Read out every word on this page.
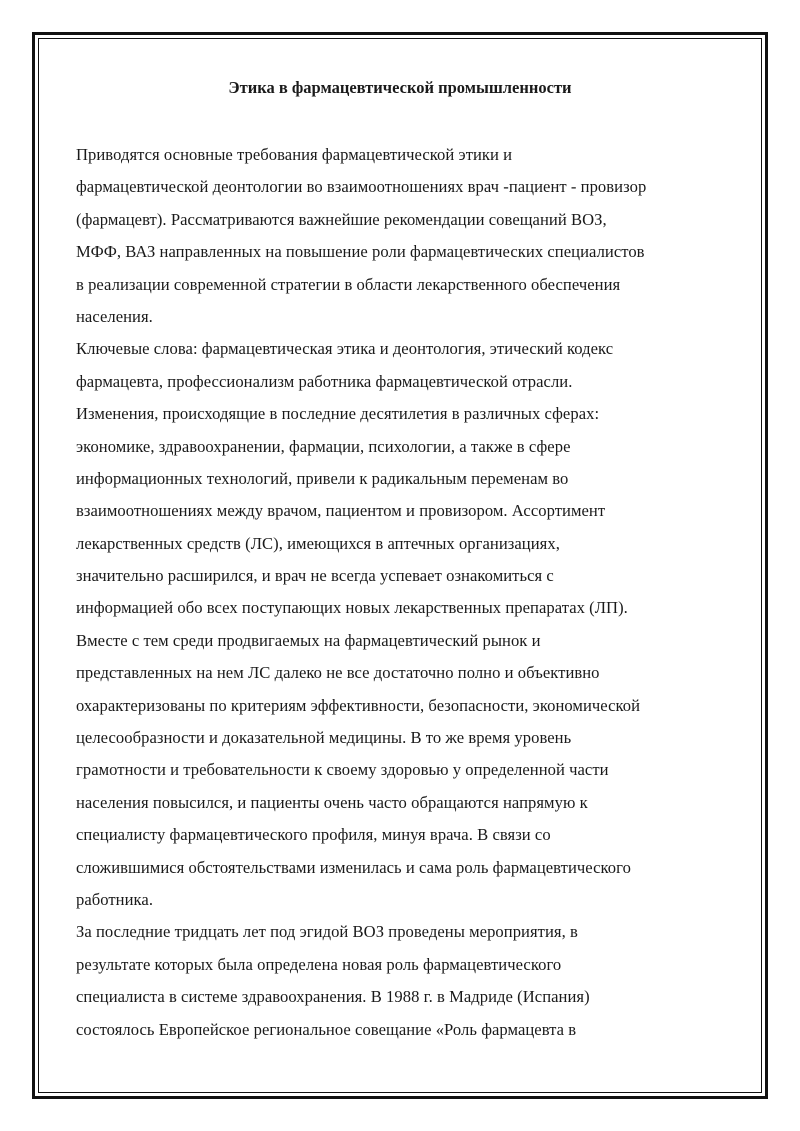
Этика в фармацевтической промышленности
Приводятся основные требования фармацевтической этики и
фармацевтической деонтологии во взаимоотношениях врач -пациент - провизор
(фармацевт). Рассматриваются важнейшие рекомендации совещаний ВОЗ,
МФФ, ВАЗ направленных на повышение роли фармацевтических специалистов
в реализации современной стратегии в области лекарственного обеспечения
населения.
Ключевые слова: фармацевтическая этика и деонтология, этический кодекс
фармацевта, профессионализм работника фармацевтической отрасли.
Изменения, происходящие в последние десятилетия в различных сферах:
экономике, здравоохранении, фармации, психологии, а также в сфере
информационных технологий, привели к радикальным переменам во
взаимоотношениях между врачом, пациентом и провизором. Ассортимент
лекарственных средств (ЛС), имеющихся в аптечных организациях,
значительно расширился, и врач не всегда успевает ознакомиться с
информацией обо всех поступающих новых лекарственных препаратах (ЛП).
Вместе с тем среди продвигаемых на фармацевтический рынок и
представленных на нем ЛС далеко не все достаточно полно и объективно
охарактеризованы по критериям эффективности, безопасности, экономической
целесообразности и доказательной медицины. В то же время уровень
грамотности и требовательности к своему здоровью у определенной части
населения повысился, и пациенты очень часто обращаются напрямую к
специалисту фармацевтического профиля, минуя врача. В связи со
сложившимися обстоятельствами изменилась и сама роль фармацевтического
работника.
За последние тридцать лет под эгидой ВОЗ проведены мероприятия, в
результате которых была определена новая роль фармацевтического
специалиста в системе здравоохранения. В 1988 г. в Мадриде (Испания)
состоялось Европейское региональное совещание «Роль фармацевта в
